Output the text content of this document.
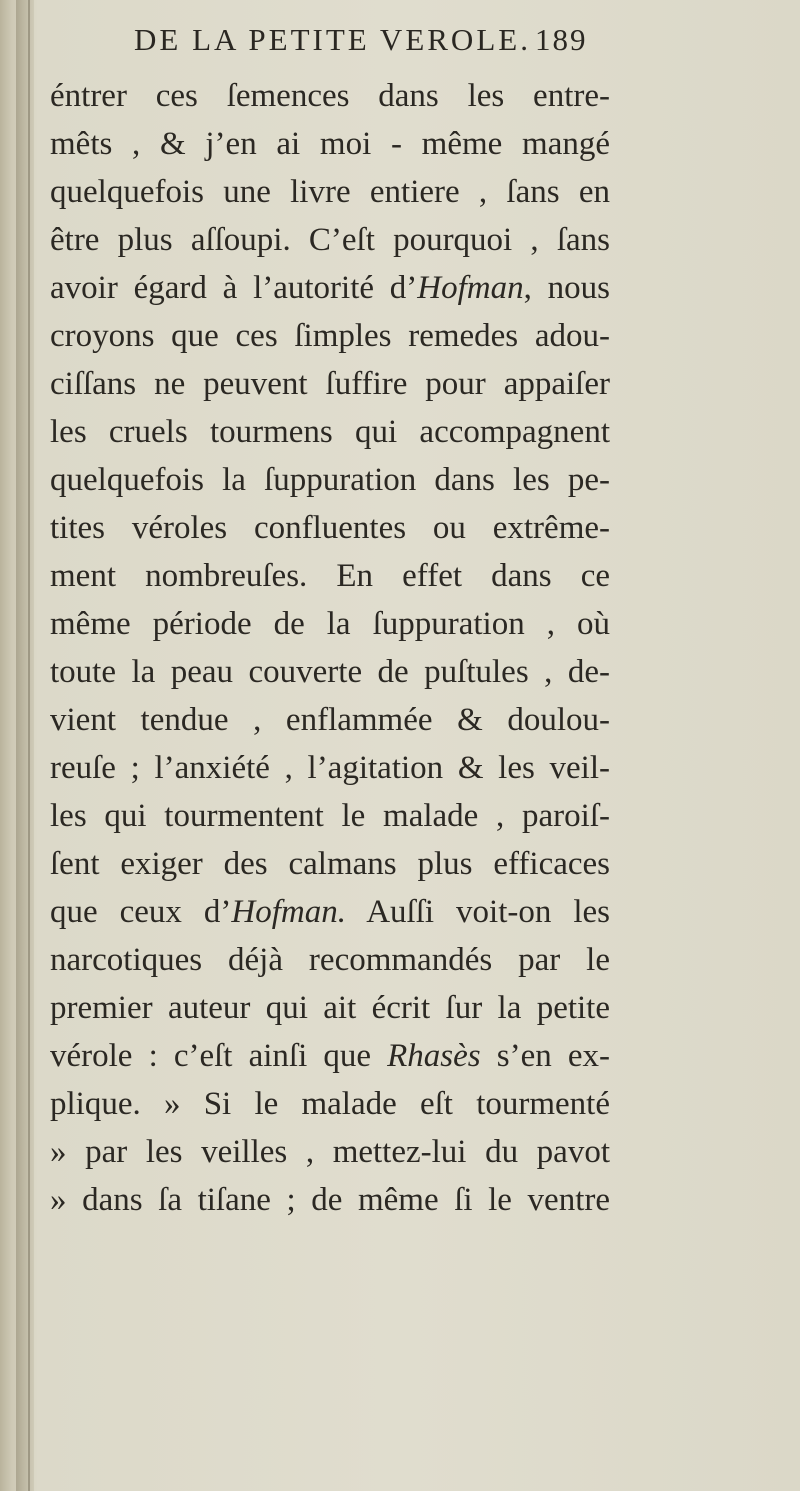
DE LA PETITE VEROLE. 189
éntrer ces ſemences dans les entre-
mêts , & j’en ai moi - même mangé
quelquefois une livre entiere , ſans en
être plus aſſoupi. C’eſt pourquoi , ſans
avoir égard à l’autorité d’Hofman, nous
croyons que ces ſimples remedes adou-
ciſſans ne peuvent ſuffire pour appaiſer
les cruels tourmens qui accompagnent
quelquefois la ſuppuration dans les pe-
tites véroles confluentes ou extrême-
ment nombreuſes. En effet dans ce
même période de la ſuppuration , où
toute la peau couverte de puſtules , de-
vient tendue , enflammée & doulou-
reuſe ; l’anxiété , l’agitation & les veil-
les qui tourmentent le malade , paroiſ-
ſent exiger des calmans plus efficaces
que ceux d’Hofman. Auſſi voit-on les
narcotiques déjà recommandés par le
premier auteur qui ait écrit ſur la petite
vérole : c’eſt ainſi que Rhasès s’en ex-
plique. » Si le malade eſt tourmenté
» par les veilles , mettez-lui du pavot
» dans ſa tiſane ; de même ſi le ventre
